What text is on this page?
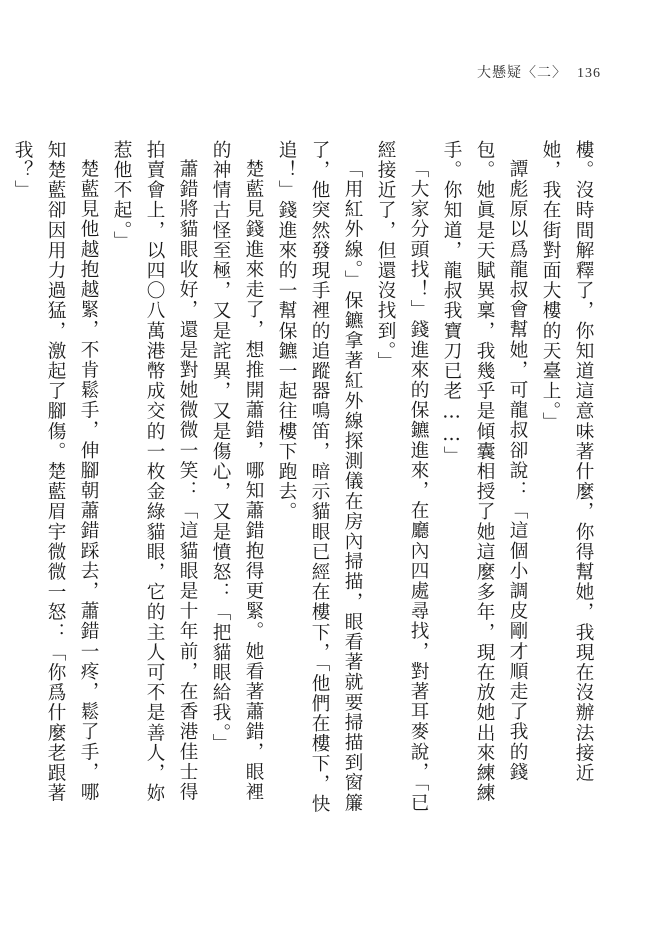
大懸疑〈二〉 136

樓。沒時間解釋了，你知道這意味著什麼，你得幫她，我現在沒辦法接近她，我在街對面大樓的天臺上。」

譚彪原以爲龍叔會幫她，可龍叔卻說：「這個小調皮剛才順走了我的錢包。她眞是天賦異稟，我幾乎是傾囊相授了她這麼多年，現在放她出來練練手。你知道，龍叔我寶刀已老……」

「大家分頭找！」錢進來的保鑣進來，在廳內四處尋找，對著耳麥說，「已經接近了，但還沒找到。」

「用紅外線。」保鑣拿著紅外線探測儀在房內掃描，眼看著就要掃描到窗簾了，他突然發現手裡的追蹤器鳴笛，暗示貓眼已經在樓下，「他們在樓下，快追！」錢進來的一幫保鑣一起往樓下跑去。

楚藍見錢進來走了，想推開蕭錯，哪知蕭錯抱得更緊。她看著蕭錯，眼裡的神情古怪至極，又是詫異，又是傷心，又是憤怒：「把貓眼給我。」

蕭錯將貓眼收好，還是對她微微一笑：「這貓眼是十年前，在香港佳士得拍賣會上，以四〇八萬港幣成交的一枚金綠貓眼，它的主人可不是善人，妳惹他不起。」

楚藍見他越抱越緊，不肯鬆手，伸腳朝蕭錯踩去，蕭錯一疼，鬆了手，哪知楚藍卻因用力過猛，激起了腳傷。楚藍眉宇微微一怒：「你爲什麼老跟著我？」
